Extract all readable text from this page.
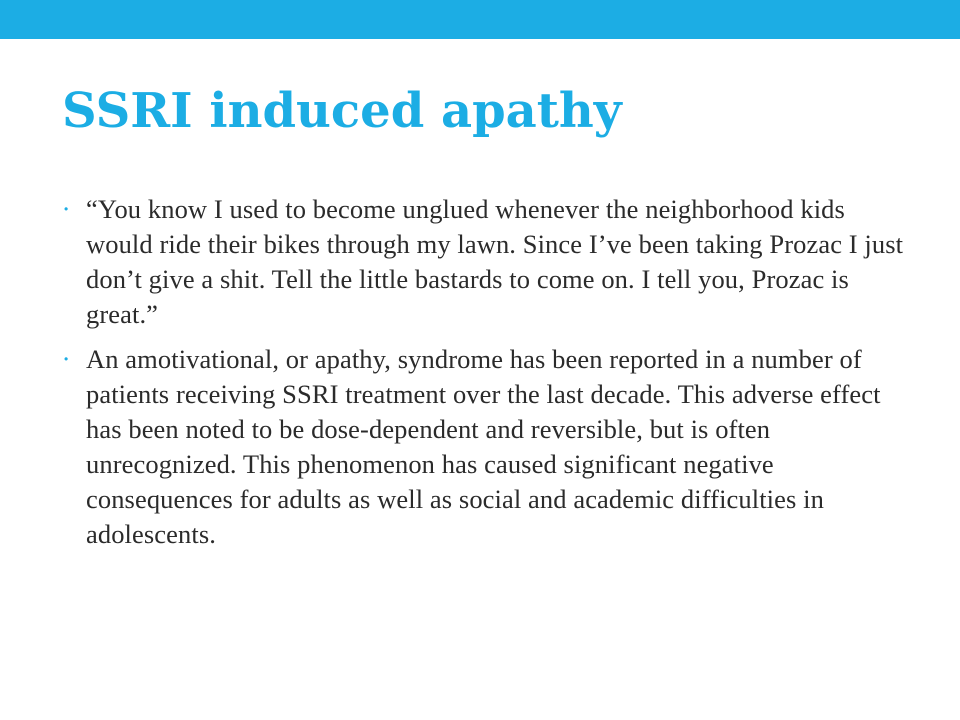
SSRI induced apathy
• “You know I used to become unglued whenever the neighborhood kids would ride their bikes through my lawn. Since I’ve been taking Prozac I just don’t give a shit. Tell the little bastards to come on. I tell you, Prozac is great.”
• An amotivational, or apathy, syndrome has been reported in a number of patients receiving SSRI treatment over the last decade. This adverse effect has been noted to be dose-dependent and reversible, but is often unrecognized. This phenomenon has caused significant negative consequences for adults as well as social and academic difficulties in adolescents.
